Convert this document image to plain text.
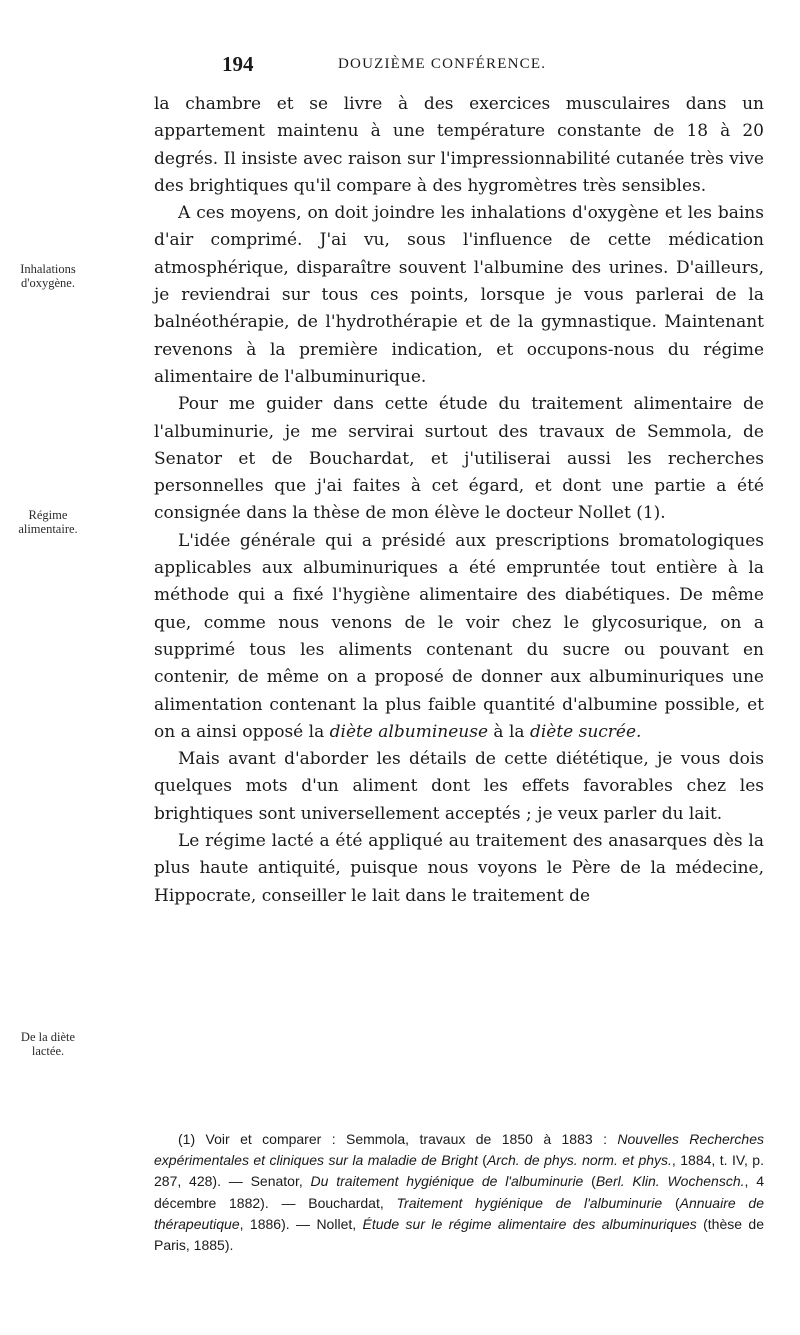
194	DOUZIÈME CONFÉRENCE.
Inhalations
d'oxygène.
Régime
alimentaire.
De la diète
lactée.

la chambre et se livre à des exercices musculaires dans un appartement maintenu à une température constante de 18 à 20 degrés. Il insiste avec raison sur l'impressionnabilité cutanée très vive des brightiques qu'il compare à des hygromètres très sensibles.

A ces moyens, on doit joindre les inhalations d'oxygène et les bains d'air comprimé. J'ai vu, sous l'influence de cette médication atmosphérique, disparaître souvent l'albumine des urines. D'ailleurs, je reviendrai sur tous ces points, lorsque je vous parlerai de la balnéothérapie, de l'hydrothérapie et de la gymnastique. Maintenant revenons à la première indication, et occupons-nous du régime alimentaire de l'albuminurique.

Pour me guider dans cette étude du traitement alimentaire de l'albuminurie, je me servirai surtout des travaux de Semmola, de Senator et de Bouchardat, et j'utiliserai aussi les recherches personnelles que j'ai faites à cet égard, et dont une partie a été consignée dans la thèse de mon élève le docteur Nollet (1).

L'idée générale qui a présidé aux prescriptions bromatologiques applicables aux albuminuriques a été empruntée tout entière à la méthode qui a fixé l'hygiène alimentaire des diabétiques. De même que, comme nous venons de le voir chez le glycosurique, on a supprimé tous les aliments contenant du sucre ou pouvant en contenir, de même on a proposé de donner aux albuminuriques une alimentation contenant la plus faible quantité d'albumine possible, et on a ainsi opposé la diète albumineuse à la diète sucrée.

Mais avant d'aborder les détails de cette diététique, je vous dois quelques mots d'un aliment dont les effets favorables chez les brightiques sont universellement acceptés ; je veux parler du lait.

Le régime lacté a été appliqué au traitement des anasarques dès la plus haute antiquité, puisque nous voyons le Père de la médecine, Hippocrate, conseiller le lait dans le traitement de

(1) Voir et comparer : Semmola, travaux de 1850 à 1883 : Nouvelles Recherches expérimentales et cliniques sur la maladie de Bright (Arch. de phys. norm. et phys., 1884, t. IV, p. 287, 428). — Senator, Du traitement hygiénique de l'albuminurie (Berl. Klin. Wochensch., 4 décembre 1882). — Bouchardat, Traitement hygiénique de l'albuminurie (Annuaire de thérapeutique, 1886). — Nollet, Étude sur le régime alimentaire des albuminuriques (thèse de Paris, 1885).
